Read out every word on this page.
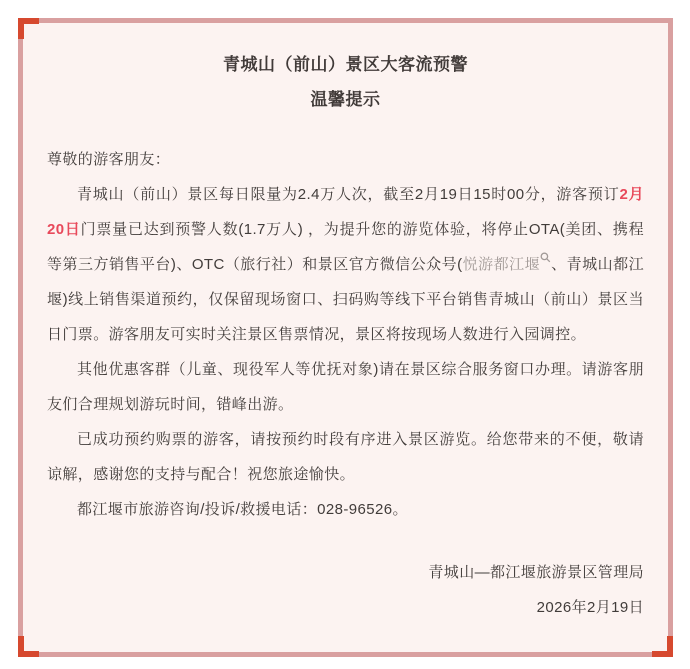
青城山（前山）景区大客流预警
温馨提示

尊敬的游客朋友：

青城山（前山）景区每日限量为2.4万人次，截至2月19日15时00分，游客预订2月20日门票量已达到预警人数(1.7万人) ，为提升您的游览体验，将停止OTA(美团、携程等第三方销售平台)、OTC（旅行社）和景区官方微信公众号(悦游都江堰 、青城山都江堰)线上销售渠道预约，仅保留现场窗口、扫码购等线下平台销售青城山（前山）景区当日门票。游客朋友可实时关注景区售票情况，景区将按现场人数进行入园调控。

其他优惠客群（儿童、现役军人等优抚对象)请在景区综合服务窗口办理。请游客朋友们合理规划游玩时间，错峰出游。

已成功预约购票的游客，请按预约时段有序进入景区游览。给您带来的不便，敬请谅解，感谢您的支持与配合！祝您旅途愉快。

都江堰市旅游咨询/投诉/救援电话：028-96526。

青城山—都江堰旅游景区管理局

2026年2月19日
